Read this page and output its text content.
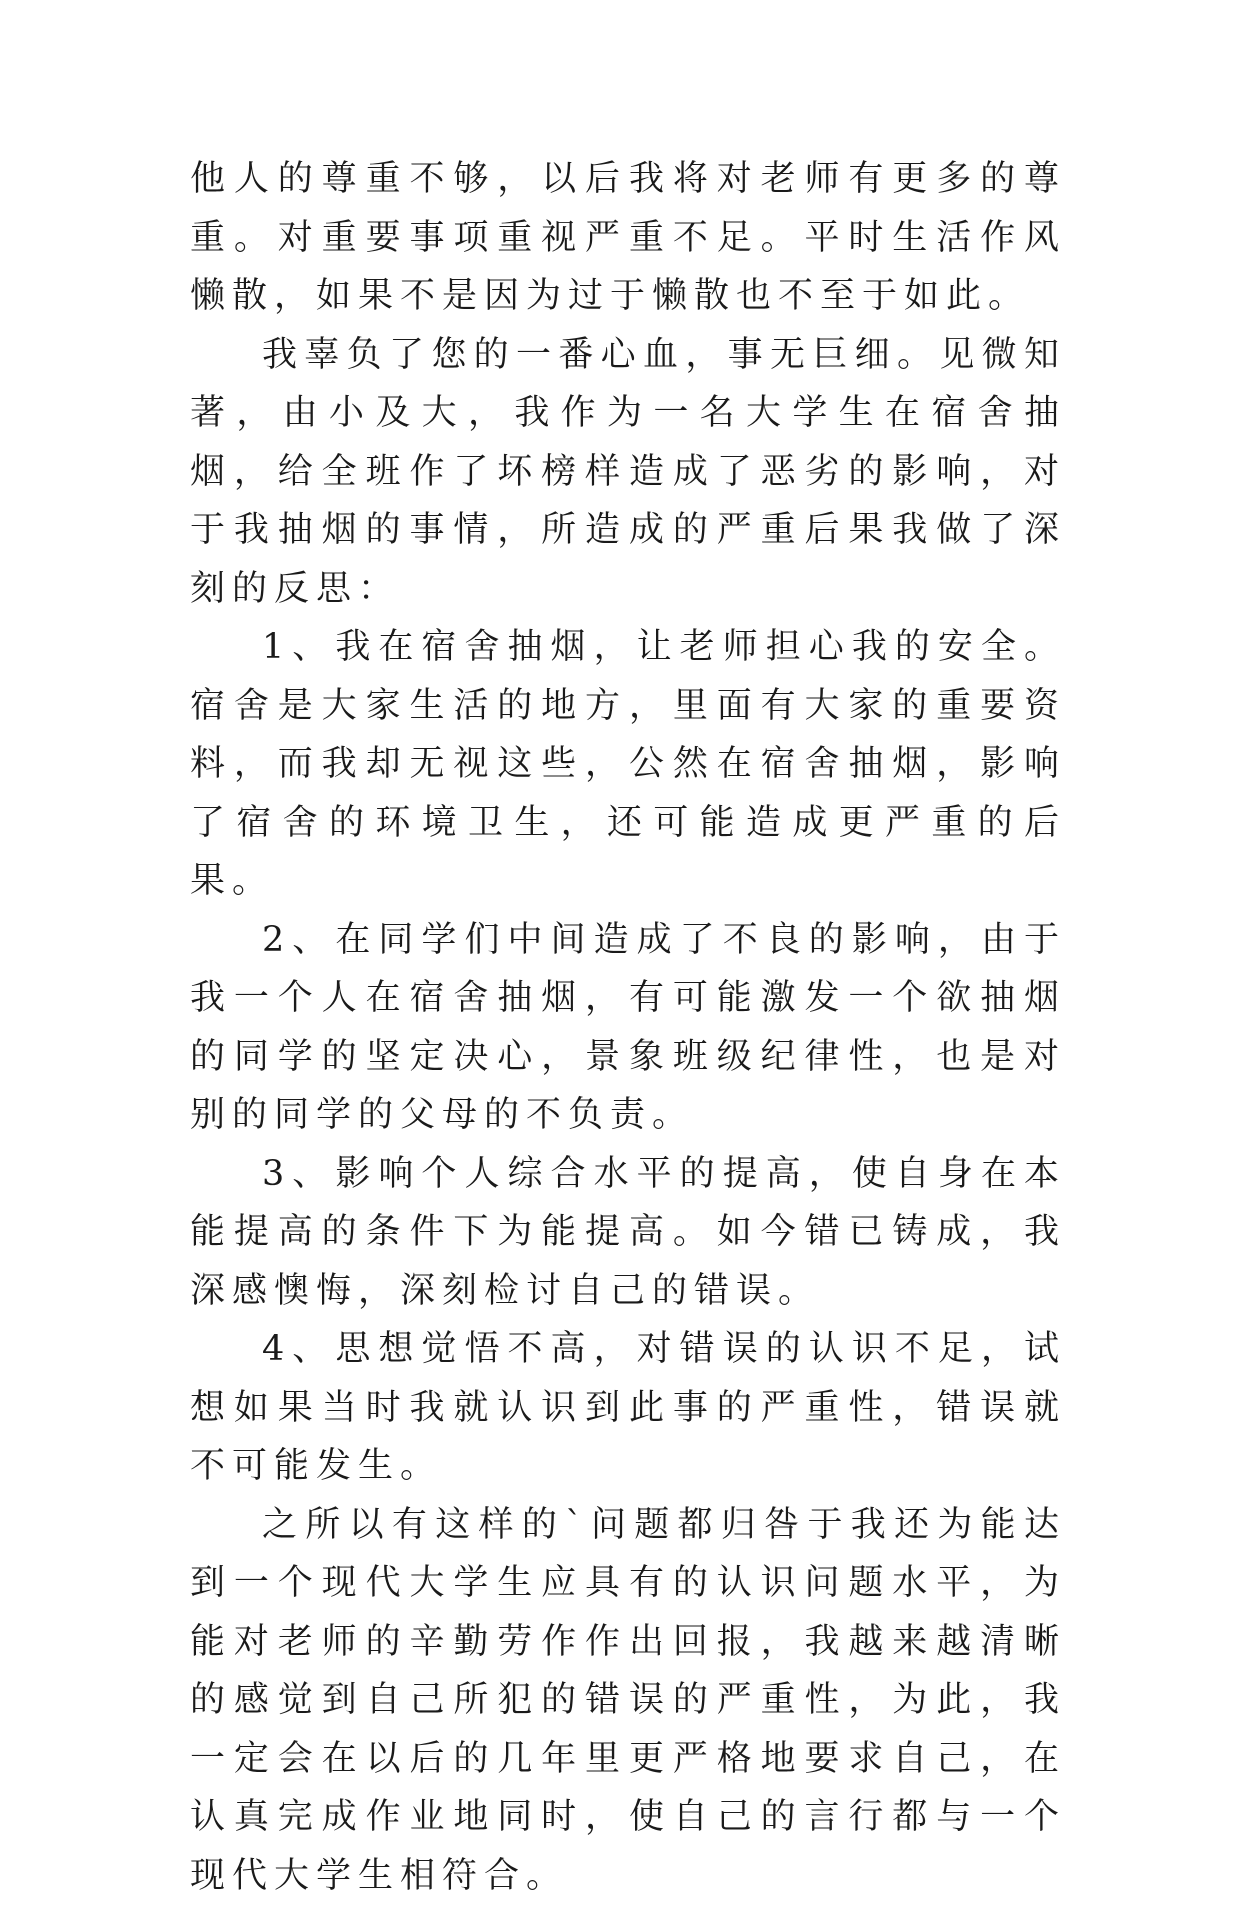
他人的尊重不够，以后我将对老师有更多的尊重。对重要事项重视严重不足。平时生活作风懒散，如果不是因为过于懒散也不至于如此。

我辜负了您的一番心血，事无巨细。见微知著，由小及大，我作为一名大学生在宿舍抽烟，给全班作了坏榜样造成了恶劣的影响，对于我抽烟的事情，所造成的严重后果我做了深刻的反思：

1、我在宿舍抽烟，让老师担心我的安全。宿舍是大家生活的地方，里面有大家的重要资料，而我却无视这些，公然在宿舍抽烟，影响了宿舍的环境卫生，还可能造成更严重的后果。

2、在同学们中间造成了不良的影响，由于我一个人在宿舍抽烟，有可能激发一个欲抽烟的同学的坚定决心，景象班级纪律性，也是对别的同学的父母的不负责。

3、影响个人综合水平的提高，使自身在本能提高的条件下为能提高。如今错已铸成，我深感懊悔，深刻检讨自己的错误。

4、思想觉悟不高，对错误的认识不足，试想如果当时我就认识到此事的严重性，错误就不可能发生。

之所以有这样的`问题都归咎于我还为能达到一个现代大学生应具有的认识问题水平，为能对老师的辛勤劳作作出回报，我越来越清晰的感觉到自己所犯的错误的严重性，为此，我一定会在以后的几年里更严格地要求自己，在认真完成作业地同时，使自己的言行都与一个现代大学生相符合。
